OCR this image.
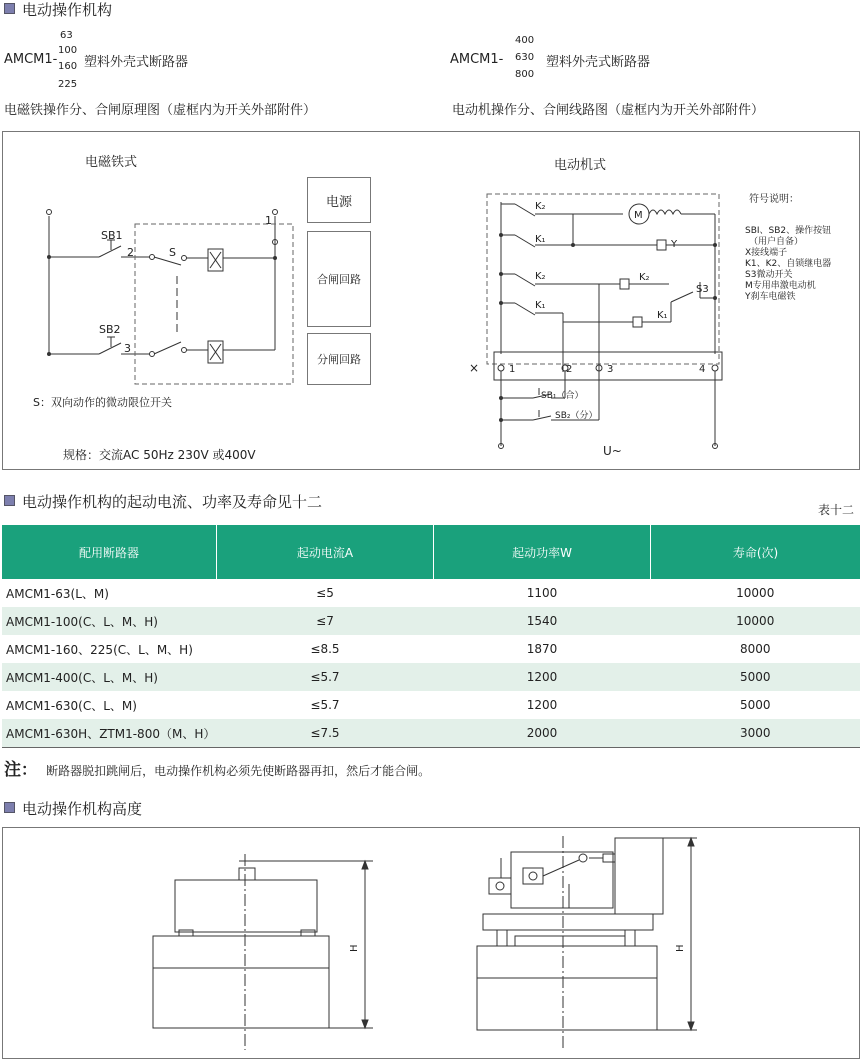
电动操作机构
AMCM1-
63
100
160
225
塑料外壳式断路器	AMCM1-
400
630
800
塑料外壳式断路器
电磁铁操作分、合闸原理图（虚框内为开关外部附件）	电动机操作分、合闸线路图（虚框内为开关外部附件）
SB1
SB2
2
3
S
1
K₂
K₁
K₂
K₁
M
Y
K₂
S3
K₁
1	2	3	4
×
SB₁（合）
SB₂（分）
U~
电磁铁式	电动机式
电源
合闸回路
分闸回路
S：双向动作的微动限位开关
规格：交流AC 50Hz 230V 或400V
符号说明：
SBI、SB2、操作按钮
（用户自备）
X接线端子
K1、K2、自锁继电器
S3微动开关
M专用串激电动机
Y刹车电磁铁
电动操作机构的起动电流、功率及寿命见十二	表十二
配用断路器	起动电流A	起动功率W	寿命(次)
AMCM1-63(L、M)	≤5	1100	10000
AMCM1-100(C、L、M、H)	≤7	1540	10000
AMCM1-160、225(C、L、M、H)	≤8.5	1870	8000
AMCM1-400(C、L、M、H)	≤5.7	1200	5000
AMCM1-630(C、L、M)	≤5.7	1200	5000
AMCM1-630H、ZTM1-800（M、H）	≤7.5	2000	3000
注： 断路器脱扣跳闸后，电动操作机构必须先使断路器再扣，然后才能合闸。
电动操作机构高度
H	H
